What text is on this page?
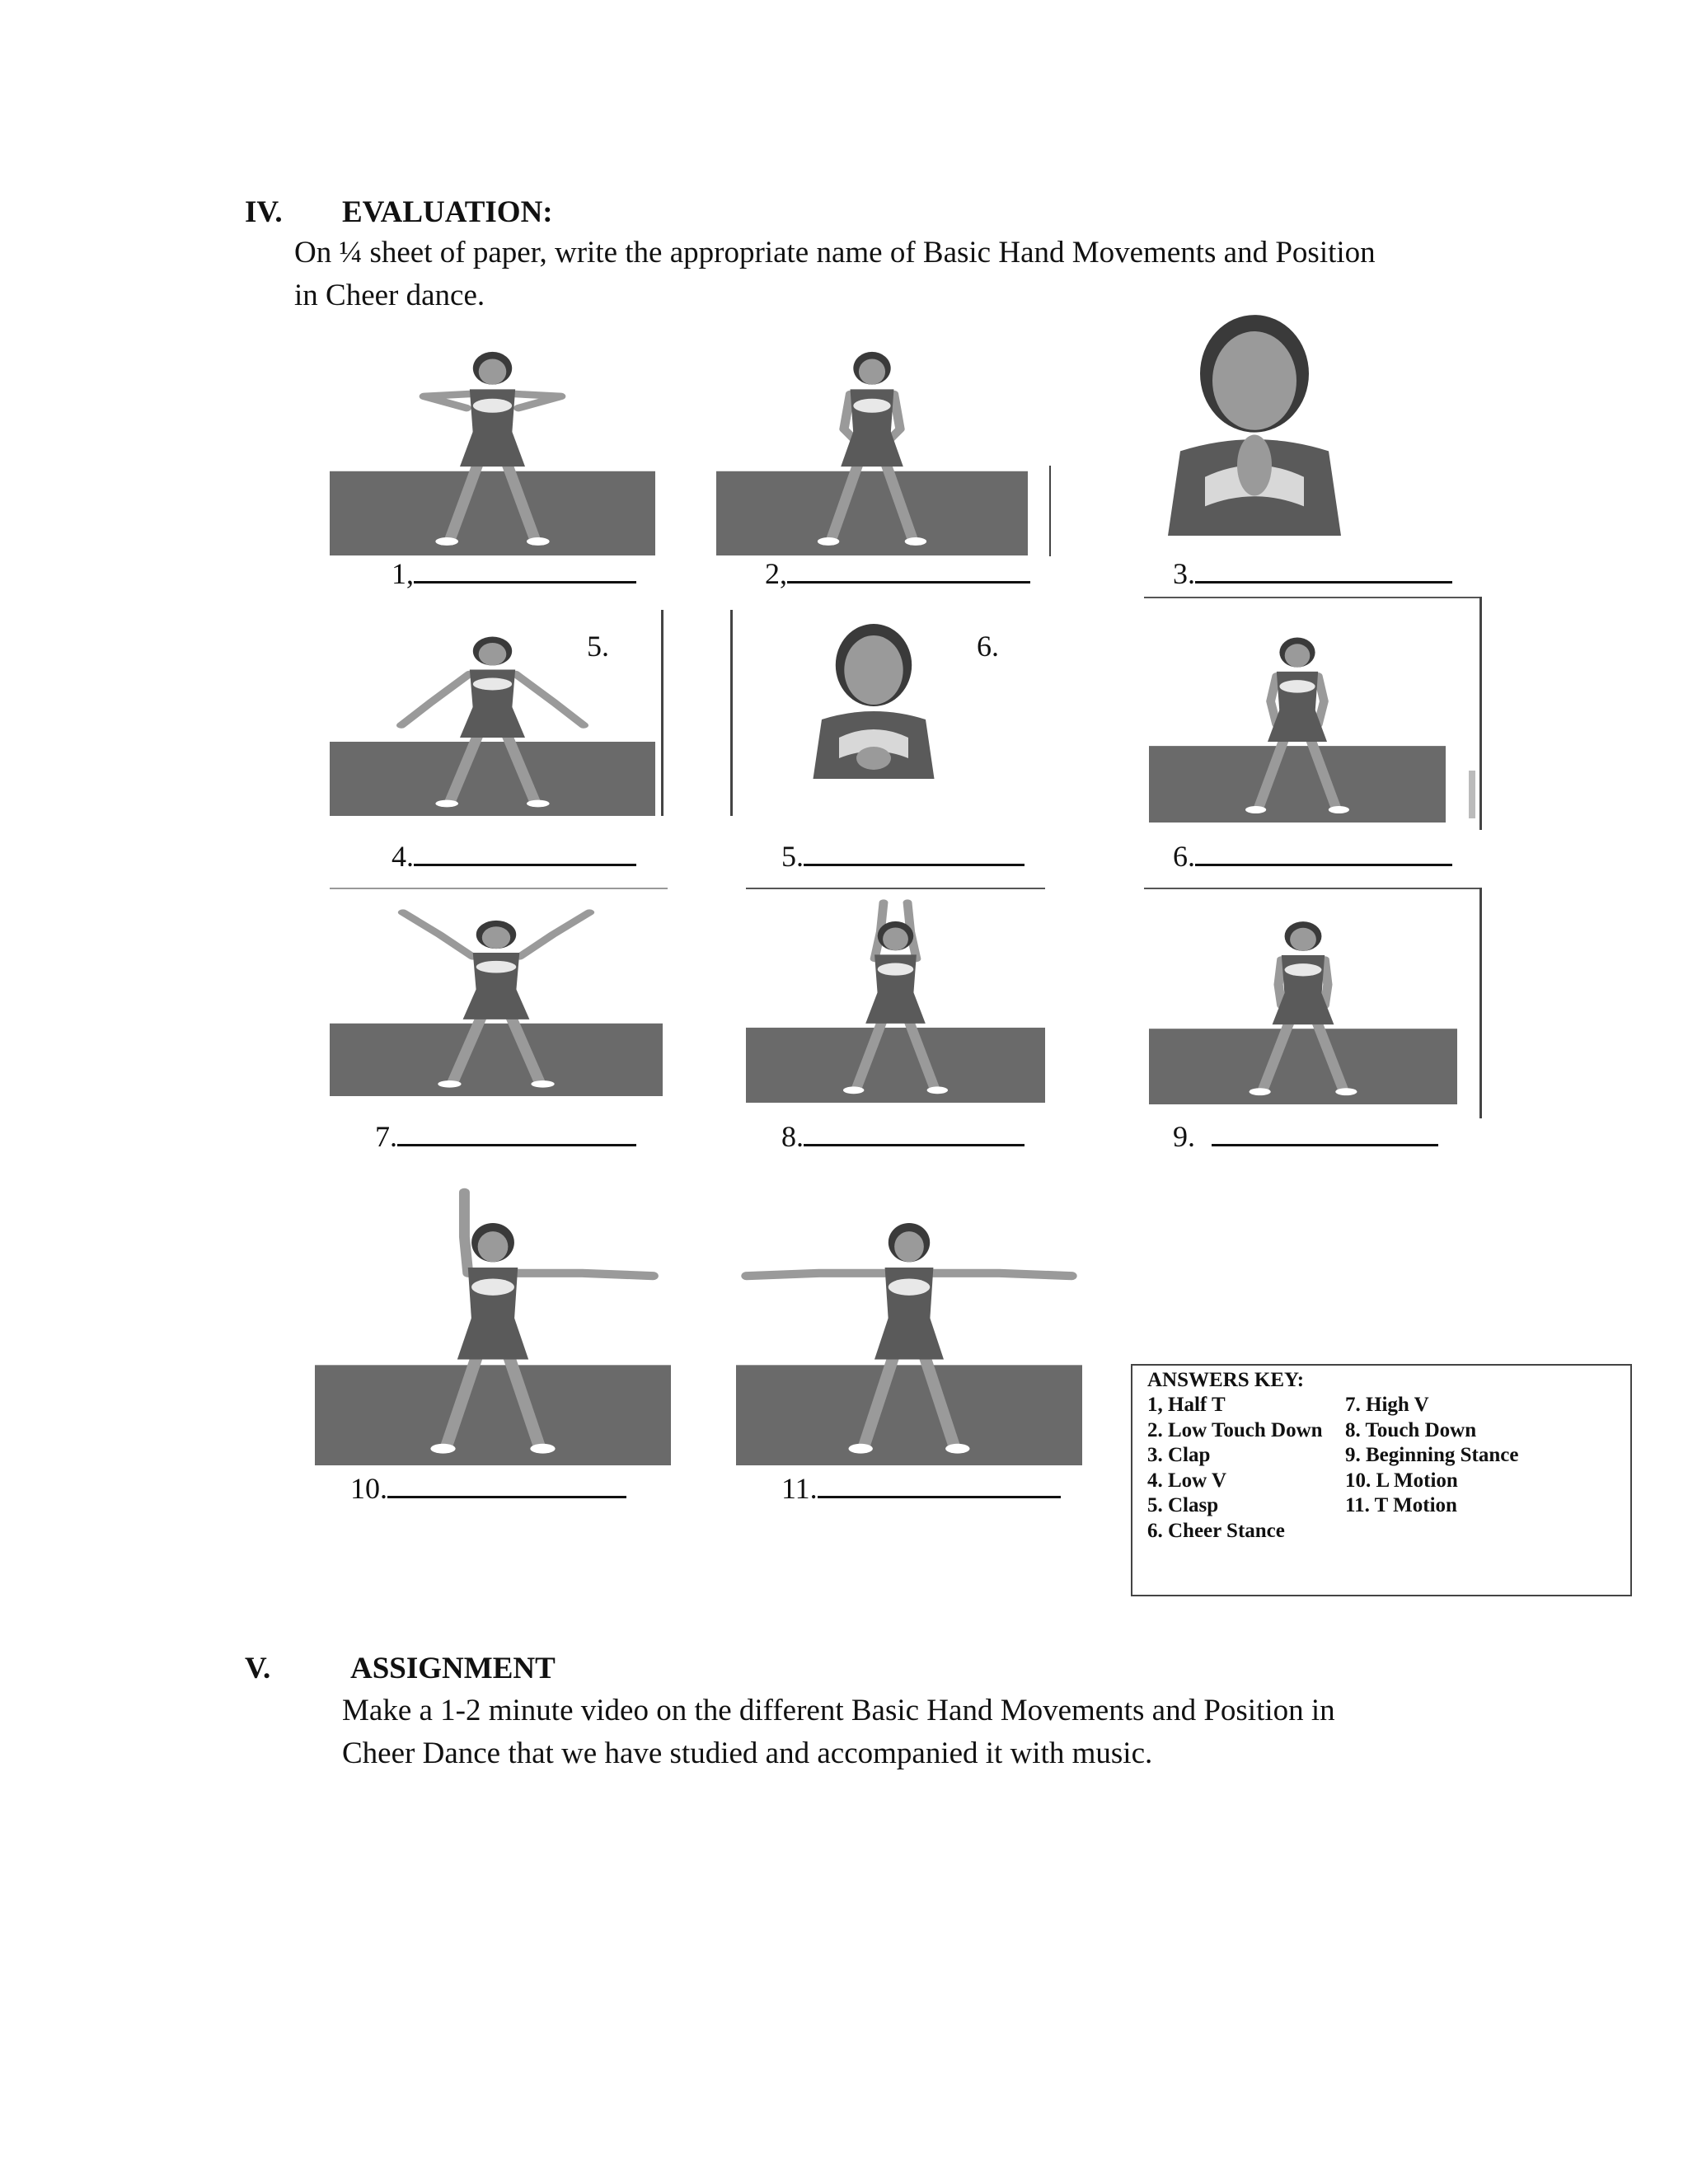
IV. EVALUATION:
On ¼ sheet of paper, write the appropriate name of Basic Hand Movements and Position
in Cheer dance.
1,	2,	3.
5.	6.
4.	5.	6.
7.	8.	9.
10.	11.
ANSWERS KEY:
1, Half T
2. Low Touch Down
3. Clap
4. Low V
5. Clasp
6. Cheer Stance
7. High V
8. Touch Down
9. Beginning Stance
10. L Motion
11. T Motion
V.	ASSIGNMENT
Make a 1-2 minute video on the different Basic Hand Movements and Position in
Cheer Dance that we have studied and accompanied it with music.
